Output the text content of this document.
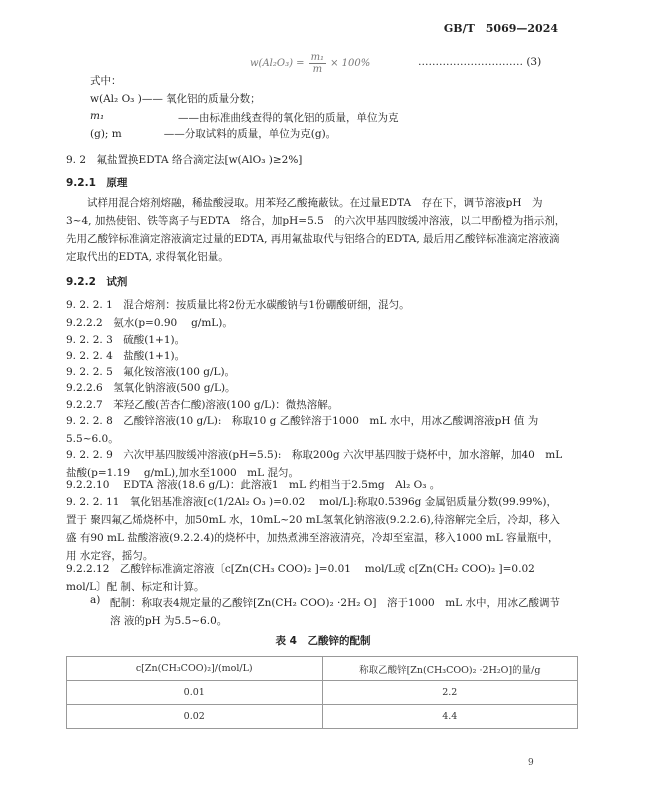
GB/T　5069—2024
$w(Al_2O_3) = \frac{\text{m₁}}{m} \times 100\%$	………………………… (3)
式中：
w(Al₂ O₃ )—— 氧化铝的质量分数；
m₁	——由标准曲线查得的氧化铝的质量，单位为克
(g); m　　　　——分取试料的质量，单位为克(g)。
9. 2　氟盐置换EDTA 络合滴定法[w(AlO₃ )≥2%]
9.2.1　原理
　　试样用混合熔剂熔融，稀盐酸浸取。用苯羟乙酸掩蔽钛。在过量EDTA　存在下，调节溶液pH　为3~4, 加热使铝、铁等离子与EDTA　络合，加pH=5.5　的六次甲基四胺缓冲溶液，以二甲酚橙为指示剂，先用乙酸锌标准滴定溶液滴定过量的EDTA, 再用氟盐取代与铝络合的EDTA, 最后用乙酸锌标准滴定溶液滴定取代出的EDTA, 求得氧化铝量。
9.2.2　试剂
9. 2. 2. 1　混合熔剂：按质量比将2份无水碳酸钠与1份硼酸研细，混匀。
9.2.2.2　氨水(p=0.90　 g/mL)。
9. 2. 2. 3　硫酸(1+1)。
9. 2. 2. 4　盐酸(1+1)。
9. 2. 2. 5　氟化铵溶液(100 g/L)。
9.2.2.6　氢氧化钠溶液(500 g/L)。
9.2.2.7　苯羟乙酸(苦杏仁酸)溶液(100 g/L)：微热溶解。
9. 2. 2. 8　乙酸锌溶液(10 g/L):　称取10 g 乙酸锌溶于1000　mL 水中，用冰乙酸调溶液pH 值 为5.5~6.0。
9. 2. 2. 9　六次甲基四胺缓冲溶液(pH=5.5):　称取200g 六次甲基四胺于烧杯中，加水溶解，加40　mL 盐酸(p=1.19　 g/mL),加水至1000　mL 混匀。
9.2.2.10　 EDTA 溶液(18.6 g/L)：此溶液1　mL 约相当于2.5mg　Al₂ O₃ 。
9. 2. 2. 11　氧化铝基准溶液[c(1/2Al₂ O₃ )=0.02　 mol/L]:称取0.5396g 金属铝质量分数(99.99%)，置于 聚四氟乙烯烧杯中，加50mL 水，10mL~20 mL氢氧化钠溶液(9.2.2.6),待溶解完全后，冷却，移入盛 有90 mL 盐酸溶液(9.2.2.4)的烧杯中，加热煮沸至溶液清亮，冷却至室温，移入1000 mL 容量瓶中，用 水定容，摇匀。
9.2.2.12　乙酸锌标准滴定溶液〔c[Zn(CH₃ COO)₂ ]=0.01　 mol/L或 c[Zn(CH₂ COO)₂ ]=0.02　　mol/L〕配 制、标定和计算。
a) 配制：称取表4规定量的乙酸锌[Zn(CH₂ COO)₂ ·2H₂ O]　溶于1000　mL 水中，用冰乙酸调节溶 液的pH 为5.5~6.0。
表 4　乙酸锌的配制
c[Zn(CH₃COO)₂]/(mol/L)	称取乙酸锌[Zn(CH₃COO)₂ ·2H₂O]的量/g
0.01	2.2
0.02	4.4
9
